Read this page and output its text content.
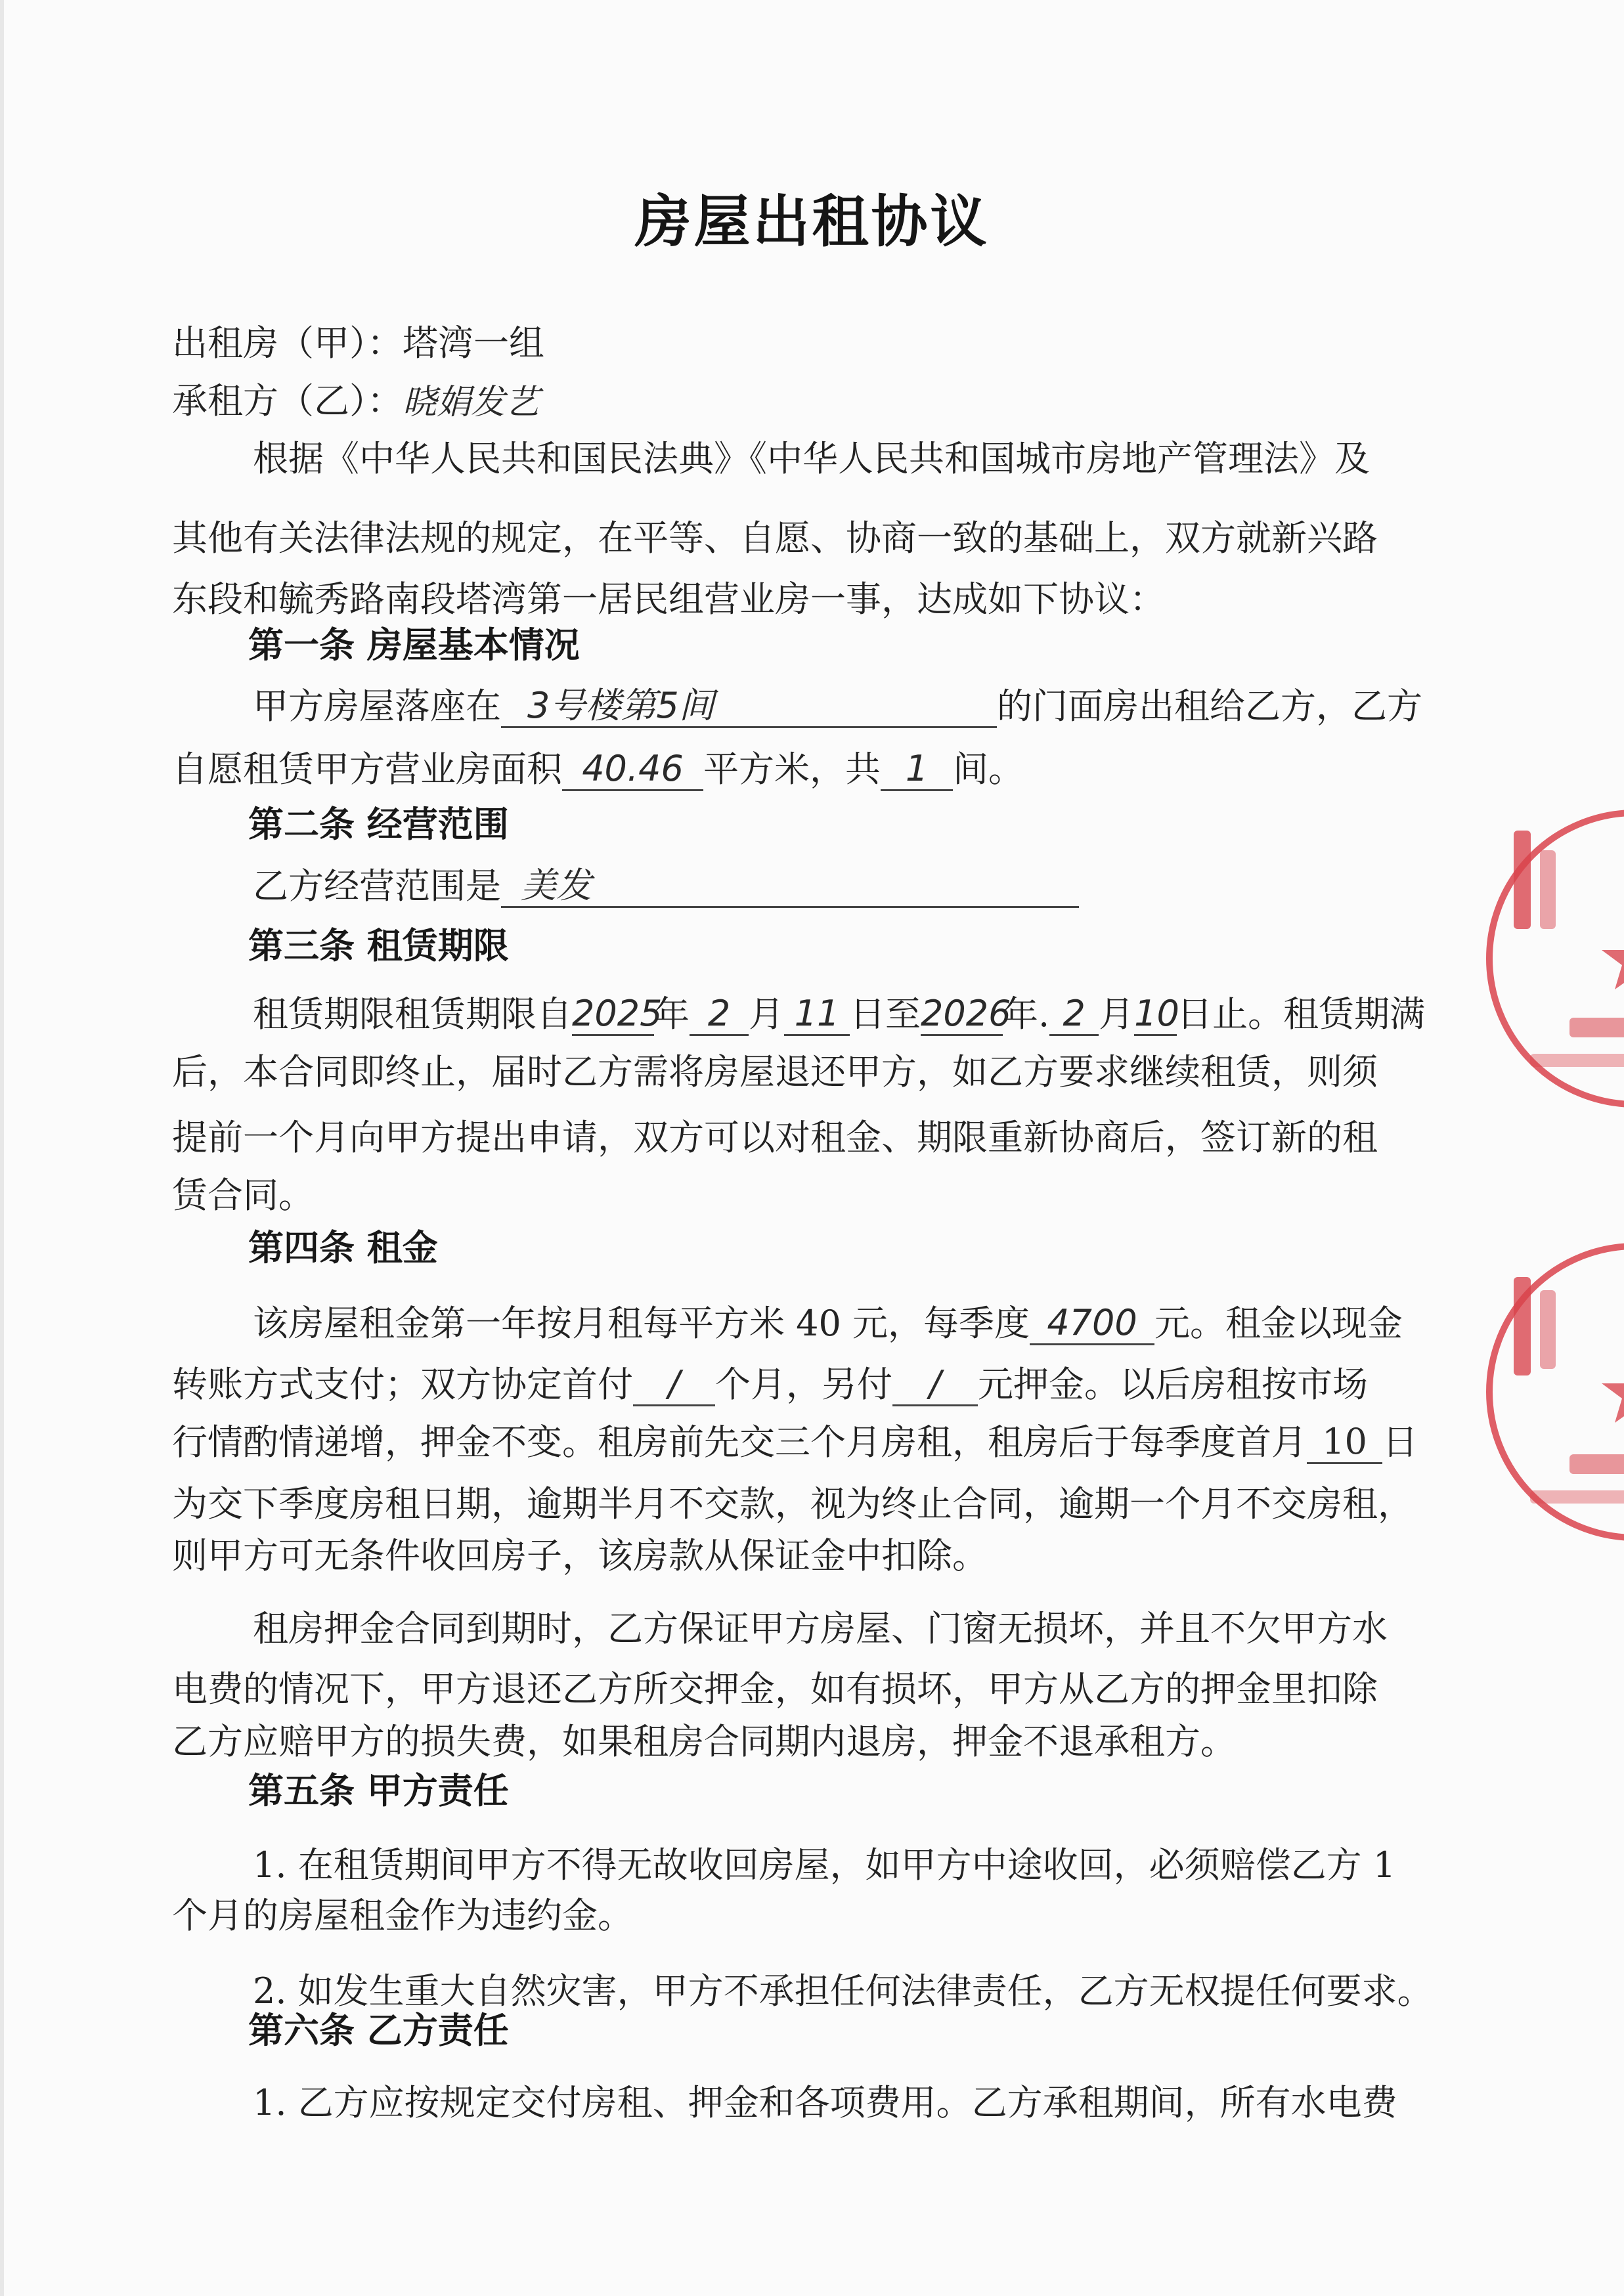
房屋出租协议
出租房（甲）：塔湾一组
承租方（乙）：晓娟发艺
根据《中华人民共和国民法典》《中华人民共和国城市房地产管理法》及
其他有关法律法规的规定，在平等、自愿、协商一致的基础上，双方就新兴路
东段和毓秀路南段塔湾第一居民组营业房一事，达成如下协议：
第一条 房屋基本情况
甲方房屋落座在 3号楼第5间	的门面房出租给乙方，乙方
自愿租赁甲方营业房面积 40.46 平方米，共 1 间。
第二条 经营范围
乙方经营范围是 美发
第三条 租赁期限
租赁期限租赁期限自2025年 2 月 11 日至2026年. 2 月10日止。租赁期满
后，本合同即终止，届时乙方需将房屋退还甲方，如乙方要求继续租赁，则须
提前一个月向甲方提出申请，双方可以对租金、期限重新协商后，签订新的租
赁合同。
第四条 租金
该房屋租金第一年按月租每平方米 40 元，每季度 4700 元。租金以现金
转账方式支付；双方协定首付 / 个月，另付 / 元押金。以后房租按市场
行情酌情递增，押金不变。租房前先交三个月房租，租房后于每季度首月 10 日
为交下季度房租日期，逾期半月不交款，视为终止合同，逾期一个月不交房租，
则甲方可无条件收回房子，该房款从保证金中扣除。
租房押金合同到期时，乙方保证甲方房屋、门窗无损坏，并且不欠甲方水
电费的情况下，甲方退还乙方所交押金，如有损坏，甲方从乙方的押金里扣除
乙方应赔甲方的损失费，如果租房合同期内退房，押金不退承租方。
第五条 甲方责任
1. 在租赁期间甲方不得无故收回房屋，如甲方中途收回，必须赔偿乙方 1
个月的房屋租金作为违约金。
2. 如发生重大自然灾害，甲方不承担任何法律责任，乙方无权提任何要求。
第六条 乙方责任
1. 乙方应按规定交付房租、押金和各项费用。乙方承租期间，所有水电费
